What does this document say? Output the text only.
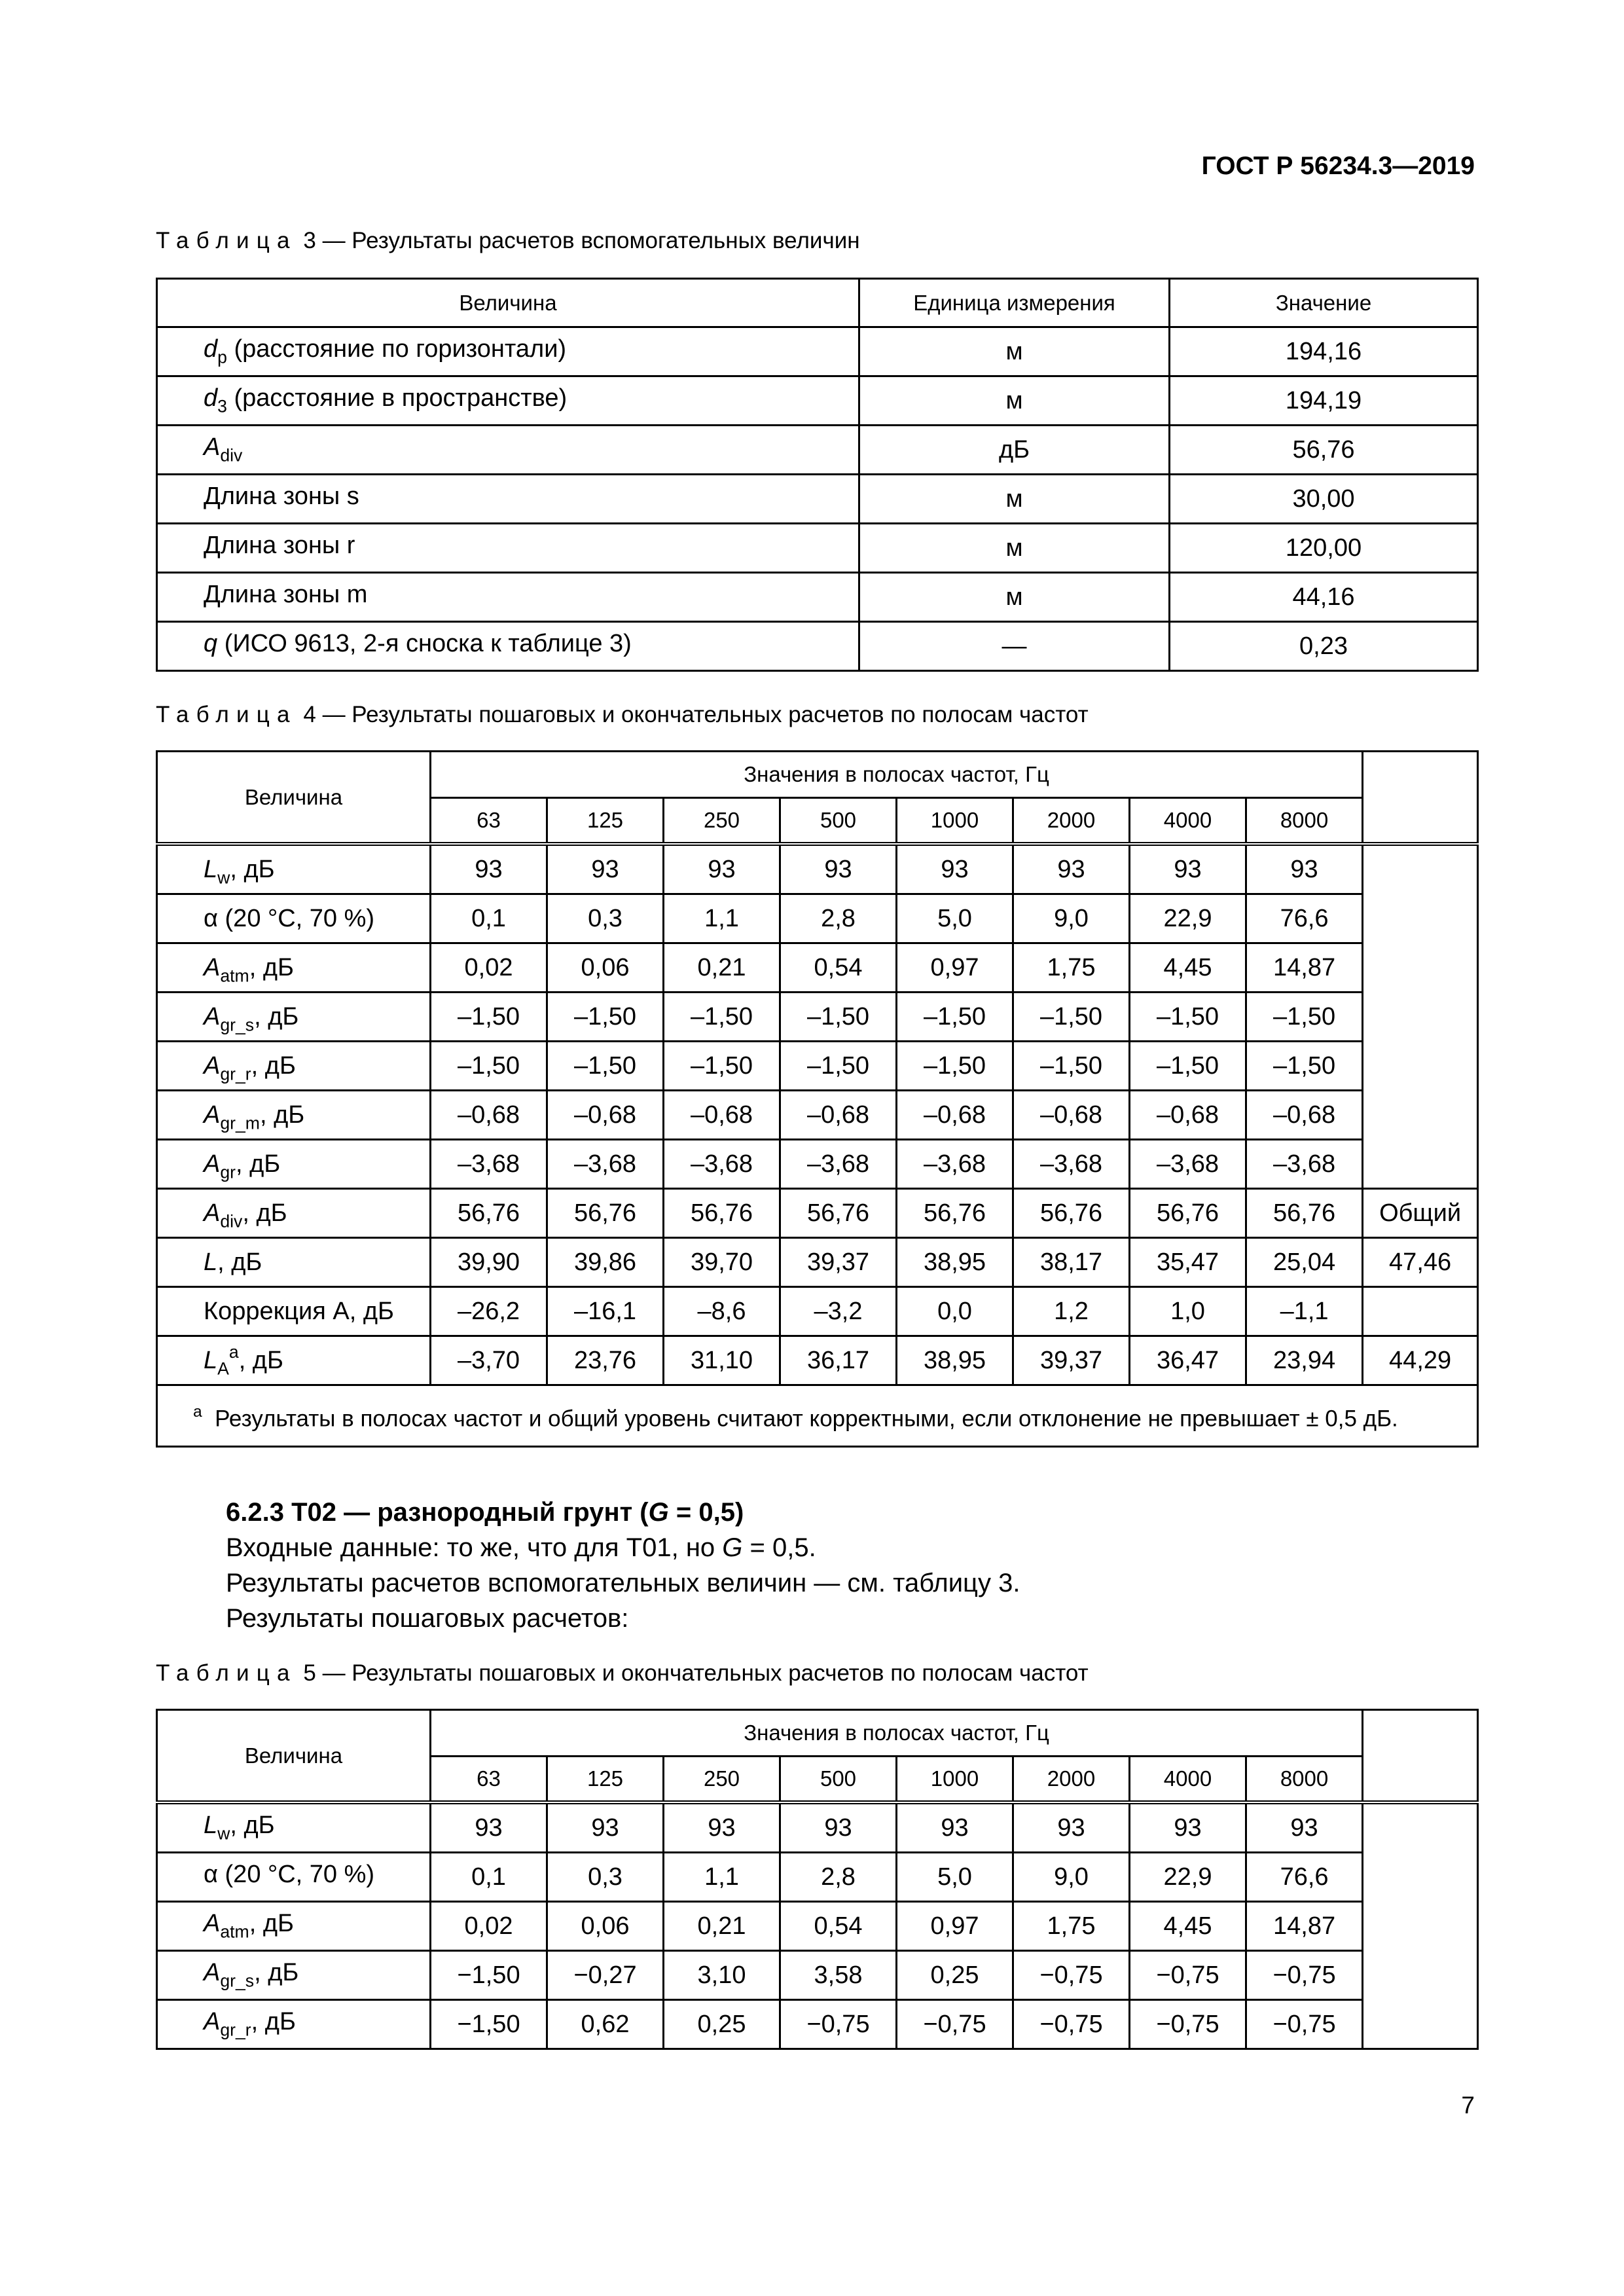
ГОСТ Р 56234.3—2019
Таблица 3 — Результаты расчетов вспомогательных величин
Величина	Единица измерения	Значение
$d_p$ (расстояние по горизонтали)	м	194,16
$d_3$ (расстояние в пространстве)	м	194,19
$A_{div}$	дБ	56,76
Длина зоны s	м	30,00
Длина зоны r	м	120,00
Длина зоны m	м	44,16
q (ИСО 9613, 2-я сноска к таблице 3)	—	0,23
Таблица 4 — Результаты пошаговых и окончательных расчетов по полосам частот
Величина	Значения в полосах частот, Гц								
	63	125	250	500	1000	2000	4000	8000	
$L_w$, дБ	93	93	93	93	93	93	93	93	
α (20 °C, 70 %)	0,1	0,3	1,1	2,8	5,0	9,0	22,9	76,6	
$A_{atm}$, дБ	0,02	0,06	0,21	0,54	0,97	1,75	4,45	14,87	
$A_{gr\_s}$, дБ	–1,50	–1,50	–1,50	–1,50	–1,50	–1,50	–1,50	–1,50	
$A_{gr\_r}$, дБ	–1,50	–1,50	–1,50	–1,50	–1,50	–1,50	–1,50	–1,50	
$A_{gr\_m}$, дБ	–0,68	–0,68	–0,68	–0,68	–0,68	–0,68	–0,68	–0,68	
$A_{gr}$, дБ	–3,68	–3,68	–3,68	–3,68	–3,68	–3,68	–3,68	–3,68	
$A_{div}$, дБ	56,76	56,76	56,76	56,76	56,76	56,76	56,76	56,76	Общий
L, дБ	39,90	39,86	39,70	39,37	38,95	38,17	35,47	25,04	47,46
Коррекция А, дБ	–26,2	–16,1	–8,6	–3,2	0,0	1,2	1,0	–1,1	
$L_A^a$, дБ	–3,70	23,76	31,10	36,17	38,95	39,37	36,47	23,94	44,29
$^а$ Результаты в полосах частот и общий уровень считают корректными, если отклонение не превышает ± 0,5 дБ.									
6.2.3 Т02 — разнородный грунт (G = 0,5)
Входные данные: то же, что для Т01, но G = 0,5.
Результаты расчетов вспомогательных величин — см. таблицу 3.
Результаты пошаговых расчетов:
Таблица 5 — Результаты пошаговых и окончательных расчетов по полосам частот
Величина	Значения в полосах частот, Гц								
	63	125	250	500	1000	2000	4000	8000	
$L_w$, дБ	93	93	93	93	93	93	93	93	
α (20 °C, 70 %)	0,1	0,3	1,1	2,8	5,0	9,0	22,9	76,6	
$A_{atm}$, дБ	0,02	0,06	0,21	0,54	0,97	1,75	4,45	14,87	
$A_{gr\_s}$, дБ	−1,50	−0,27	3,10	3,58	0,25	−0,75	−0,75	−0,75	
$A_{gr\_r}$, дБ	−1,50	0,62	0,25	−0,75	−0,75	−0,75	−0,75	−0,75	
7
